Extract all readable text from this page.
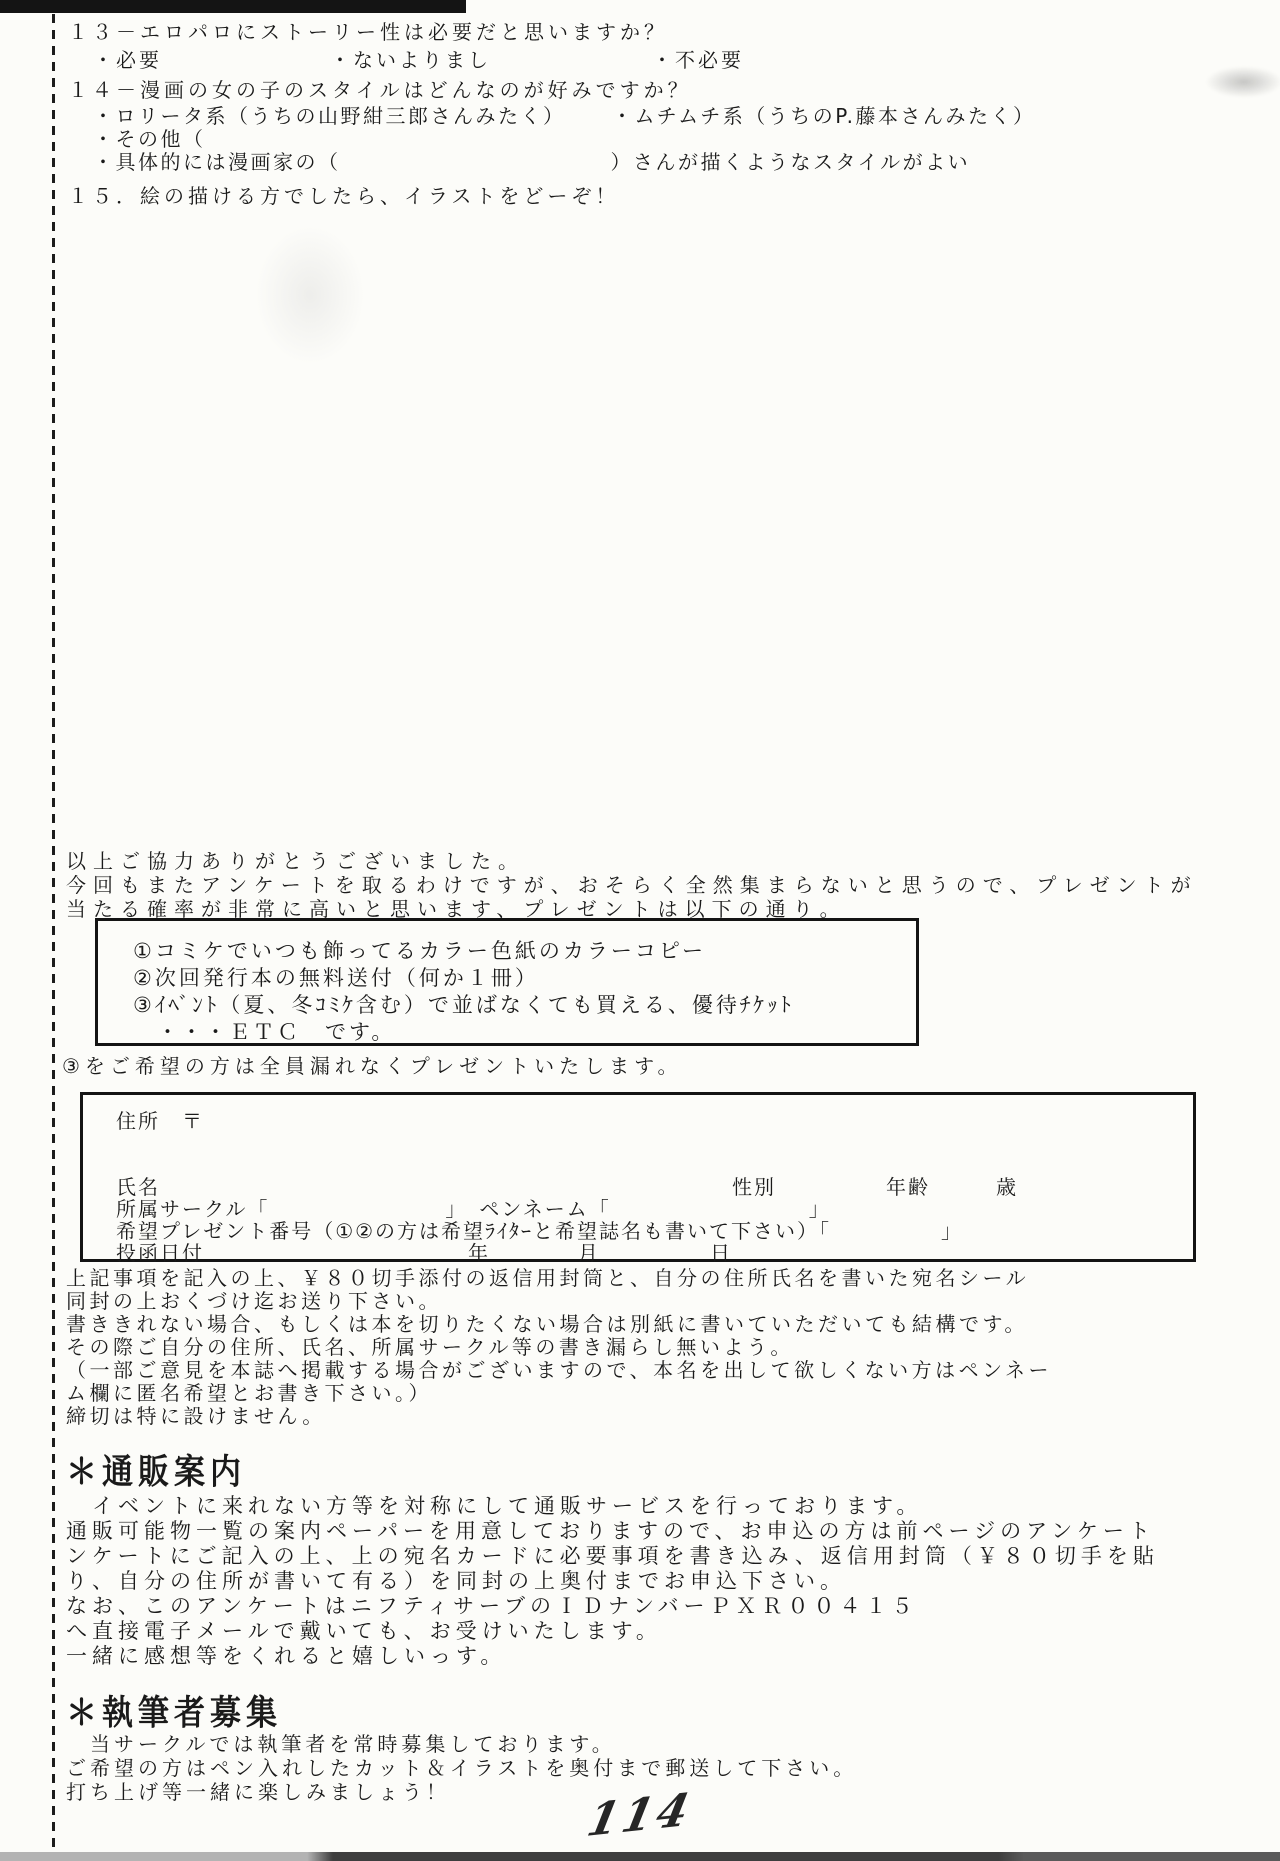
１３－エロパロにストーリー性は必要だと思いますか？
・必要	・ないよりまし	・不必要
１４－漫画の女の子のスタイルはどんなのが好みですか？
・ロリータ系（うちの山野紺三郎さんみたく） ・ムチムチ系（うちのP.藤本さんみたく）
・その他（
・具体的には漫画家の（　　　　　　　　　　　　）さんが描くようなスタイルがよい
１５．絵の描ける方でしたら、イラストをどーぞ！
以上ご協力ありがとうございました。
今回もまたアンケートを取るわけですが、おそらく全然集まらないと思うので、プレゼントが
当たる確率が非常に高いと思います、プレゼントは以下の通り。
①コミケでいつも飾ってるカラー色紙のカラーコピー
②次回発行本の無料送付（何か１冊）
③ｲﾍﾞﾝﾄ（夏、冬ｺﾐｹ含む）で並ばなくても買える、優待ﾁｹｯﾄ
　・・・ＥＴＣ　です。
③をご希望の方は全員漏れなくプレゼントいたします。
住所　〒
氏名　　　　　　　　　　　　　　　　　　　　　　　　　　性別　　　　　年齢　　　歳
所属サークル「　　　　　　　　」　ペンネーム「　　　　　　　　　」
希望プレゼント番号（①②の方は希望ﾗｲﾀｰと希望誌名も書いて下さい）「　　　　　」
投函日付　　　　　　　　　　　　年　　　　月　　　　　日
上記事項を記入の上、￥８０切手添付の返信用封筒と、自分の住所氏名を書いた宛名シール
同封の上おくづけ迄お送り下さい。
書ききれない場合、もしくは本を切りたくない場合は別紙に書いていただいても結構です。
その際ご自分の住所、氏名、所属サークル等の書き漏らし無いよう。
（一部ご意見を本誌へ掲載する場合がございますので、本名を出して欲しくない方はペンネー
ム欄に匿名希望とお書き下さい。）
締切は特に設けません。
＊通販案内
　イベントに来れない方等を対称にして通販サービスを行っております。
通販可能物一覧の案内ペーパーを用意しておりますので、お申込の方は前ページのアンケート
ンケートにご記入の上、上の宛名カードに必要事項を書き込み、返信用封筒（￥８０切手を貼
り、自分の住所が書いて有る）を同封の上奥付までお申込下さい。
なお、このアンケートはニフティサーブのＩＤナンバーＰＸＲ００４１５
へ直接電子メールで戴いても、お受けいたします。
一緒に感想等をくれると嬉しいっす。
＊執筆者募集
　当サークルでは執筆者を常時募集しております。
ご希望の方はペン入れしたカット＆イラストを奥付まで郵送して下さい。
打ち上げ等一緒に楽しみましょう！	114
